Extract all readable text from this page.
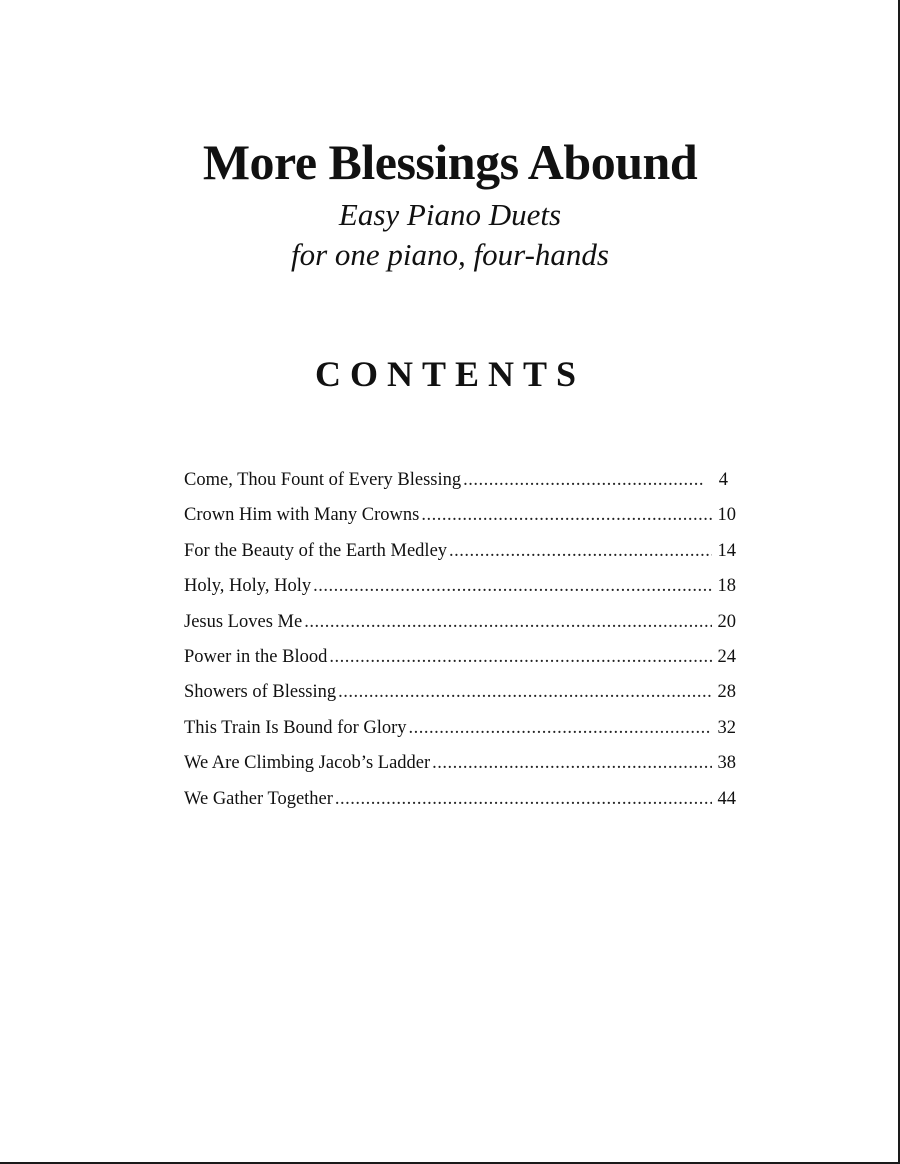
More Blessings Abound
Easy Piano Duets
for one piano, four-hands
CONTENTS
Come, Thou Fount of Every Blessing .....	4
Crown Him with Many Crowns .....	10
For the Beauty of the Earth Medley .....	14
Holy, Holy, Holy .....	18
Jesus Loves Me .....	20
Power in the Blood .....	24
Showers of Blessing .....	28
This Train Is Bound for Glory .....	32
We Are Climbing Jacob’s Ladder .....	38
We Gather Together .....	44
